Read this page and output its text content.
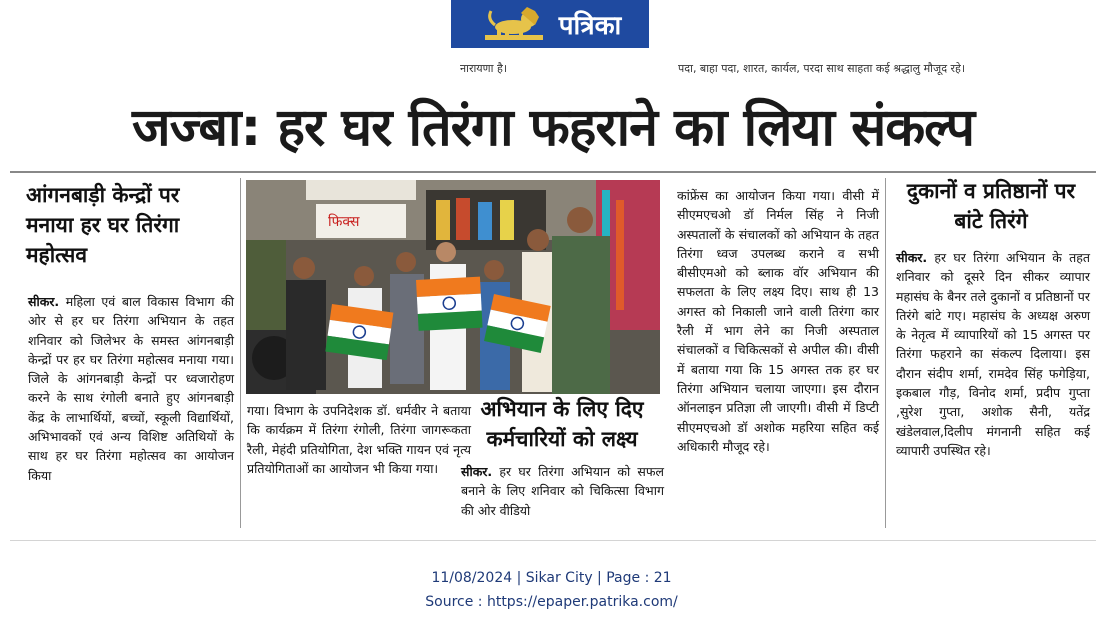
पत्रिका
नारायणा है।	पदा, बाहा पदा, शारत, कार्यल, परदा साथ साहता कई श्रद्धालु मौजूद रहे।
जज्बा: हर घर तिरंगा फहराने का लिया संकल्प
आंगनबाड़ी केन्द्रों पर मनाया हर घर तिरंगा महोत्सव
सीकर. महिला एवं बाल विकास विभाग की ओर से हर घर तिरंगा अभियान के तहत शनिवार को जिलेभर के समस्त आंगनबाड़ी केन्द्रों पर हर घर तिरंगा महोत्सव मनाया गया। जिले के आंगनबाड़ी केन्द्रों पर ध्वजारोहण करने के साथ रंगोली बनाते हुए आंगनबाड़ी केंद्र के लाभार्थियों, बच्चों, स्कूली विद्यार्थियों, अभिभावकों एवं अन्य विशिष्ट अतिथियों के साथ हर घर तिरंगा महोत्सव का आयोजन किया
गया। विभाग के उपनिदेशक डॉ. धर्मवीर ने बताया कि कार्यक्रम में तिरंगा रंगोली, तिरंगा जागरूकता रैली, मेहंदी प्रतियोगिता, देश भक्ति गायन एवं नृत्य प्रतियोगिताओं का आयोजन भी किया गया।
फिक्स
अभियान के लिए दिए कर्मचारियों को लक्ष्य
सीकर. हर घर तिरंगा अभियान को सफल बनाने के लिए शनिवार को चिकित्सा विभाग की ओर वीडियो
कांफ्रेंस का आयोजन किया गया। वीसी में सीएमएचओ डॉ निर्मल सिंह ने निजी अस्पतालों के संचालकों को अभियान के तहत तिरंगा ध्वज उपलब्ध कराने व सभी बीसीएमओ को ब्लाक वॉर अभियान की सफलता के लिए लक्ष्य दिए। साथ ही 13 अगस्त को निकाली जाने वाली तिरंगा कार रैली में भाग लेने का निजी अस्पताल संचालकों व चिकित्सकों से अपील की। वीसी में बताया गया कि 15 अगस्त तक हर घर तिरंगा अभियान चलाया जाएगा। इस दौरान ऑनलाइन प्रतिज्ञा ली जाएगी। वीसी में डिप्टी सीएमएचओ डॉ अशोक महरिया सहित कई अधिकारी मौजूद रहे।
दुकानों व प्रतिष्ठानों पर बांटे तिरंगे
सीकर. हर घर तिरंगा अभियान के तहत शनिवार को दूसरे दिन सीकर व्यापार महासंघ के बैनर तले दुकानों व प्रतिष्ठानों पर तिरंगे बांटे गए। महासंघ के अध्यक्ष अरुण के नेतृत्व में व्यापारियों को 15 अगस्त पर तिरंगा फहराने का संकल्प दिलाया। इस दौरान संदीप शर्मा, रामदेव सिंह फगेड़िया, इकबाल गौड़, विनोद शर्मा, प्रदीप गुप्ता ,सुरेश गुप्ता, अशोक सैनी, यतेंद्र खंडेलवाल,दिलीप मंगनानी सहित कई व्यापारी उपस्थित रहे।
11/08/2024 | Sikar City | Page : 21
Source : https://epaper.patrika.com/
